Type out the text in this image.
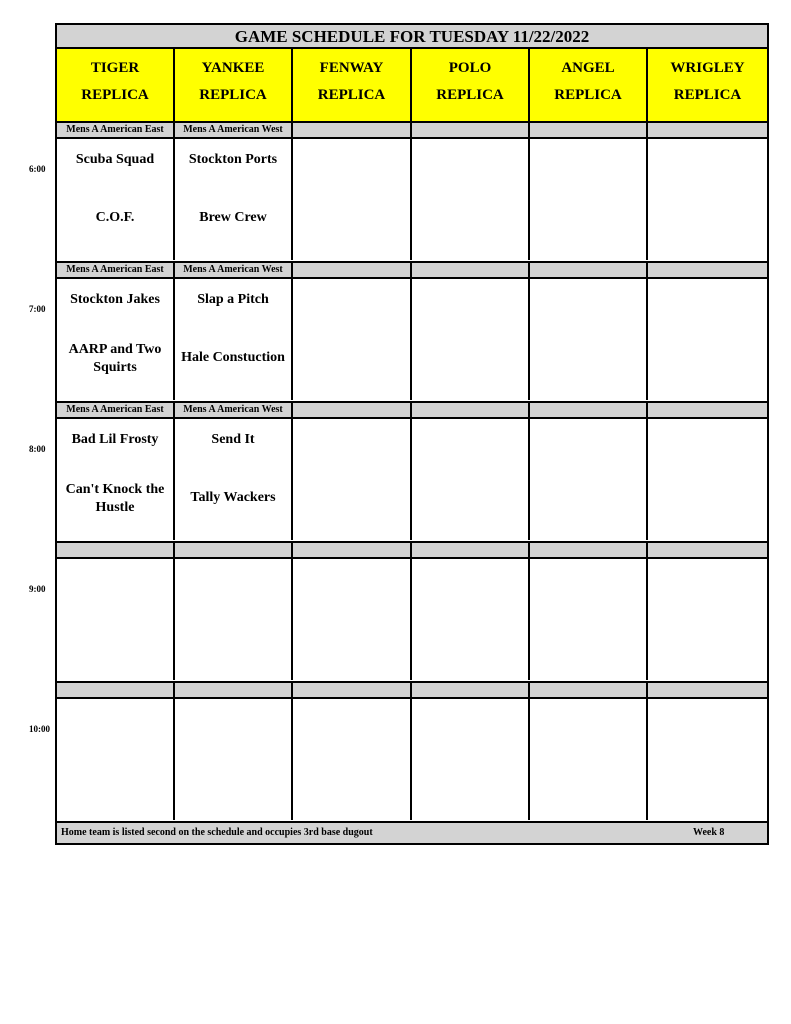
GAME SCHEDULE FOR TUESDAY 11/22/2022
Home team is listed second on the schedule and occupies 3rd base dugout	Week 8
TIGER
REPLICA
YANKEE
REPLICA
FENWAY
REPLICA
POLO
REPLICA
ANGEL
REPLICA
WRIGLEY
REPLICA
Mens A American East
Scuba Squad
C.O.F.
Mens A American West
Stockton Ports
Brew Crew
Mens A American East
Stockton Jakes
AARP and Two Squirts
Mens A American West
Slap a Pitch
Hale Constuction
Mens A American East
Bad Lil Frosty
Can't Knock the Hustle
Mens A American West
Send It
Tally Wackers
6:00
7:00
8:00
9:00
10:00
